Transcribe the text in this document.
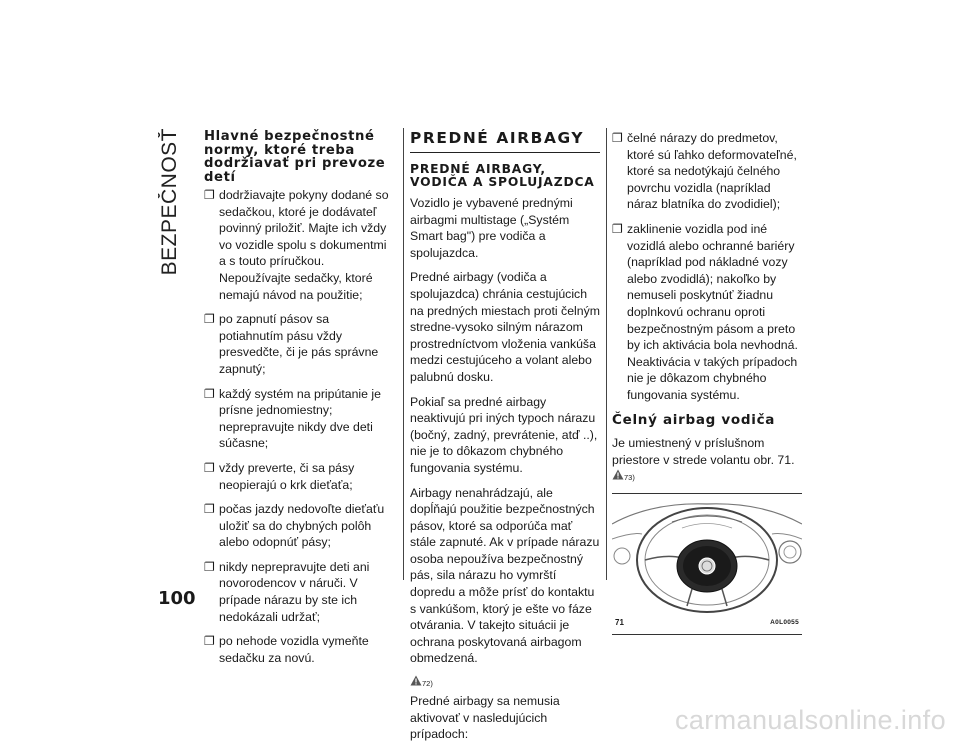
BEZPEČNOSŤ Hlavné bezpečnostné normy, ktoré treba dodržiavať pri prevoze detí
❐ dodržiavajte pokyny dodané so sedačkou, ktoré je dodávateľ povinný priložiť. Majte ich vždy vo vozidle spolu s dokumentmi a s touto príručkou. Nepoužívajte sedačky, ktoré nemajú návod na použitie;
❐ po zapnutí pásov sa potiahnutím pásu vždy presvedčte, či je pás správne zapnutý;
❐ každý systém na pripútanie je prísne jednomiestny; neprepravujte nikdy dve deti súčasne;
❐ vždy preverte, či sa pásy neopierajú o krk dieťaťa;
❐ počas jazdy nedovoľte dieťaťu uložiť sa do chybných polôh alebo odopnúť pásy;
❐ nikdy neprepravujte deti ani novorodencov v náruči. V prípade nárazu by ste ich nedokázali udržať;
❐ po nehode vozidla vymeňte sedačku za novú.
PREDNÉ AIRBAGY
PREDNÉ AIRBAGY, VODIČA A SPOLUJAZDCA

Vozidlo je vybavené prednými airbagmi multistage („Systém Smart bag") pre vodiča a spolujazdca.

Predné airbagy (vodiča a spolujazdca) chránia cestujúcich na predných miestach proti čelným stredne-vysoko silným nárazom prostredníctvom vloženia vankúša medzi cestujúceho a volant alebo palubnú dosku.

Pokiaľ sa predné airbagy neaktivujú pri iných typoch nárazu (bočný, zadný, prevrátenie, atď ..), nie je to dôkazom chybného fungovania systému.

Airbagy nenahrádzajú, ale dopĺňajú použitie bezpečnostných pásov, ktoré sa odporúča mať stále zapnuté. Ak v prípade nárazu osoba nepoužíva bezpečnostný pás, sila nárazu ho vymrští dopredu a môže prísť do kontaktu s vankúšom, ktorý je ešte vo fáze otvárania. V takejto situácii je ochrana poskytovaná airbagom obmedzená.

72)

Predné airbagy sa nemusia aktivovať v nasledujúcich prípadoch:

❐ čelné nárazy do predmetov, ktoré sú ľahko deformovateľné, ktoré sa nedotýkajú čelného povrchu vozidla (napríklad náraz blatníka do zvodidiel);
❐ zaklinenie vozidla pod iné vozidlá alebo ochranné bariéry (napríklad pod nákladné vozy alebo zvodidlá); nakoľko by nemuseli poskytnúť žiadnu doplnkovú ochranu oproti bezpečnostným pásom a preto by ich aktivácia bola nevhodná. Neaktivácia v takých prípadoch nie je dôkazom chybného fungovania systému.
Čelný airbag vodiča

Je umiestnený v príslušnom priestore v strede volantu obr. 71. 73)

71	A0L0055
100
carmanualsonline.info
